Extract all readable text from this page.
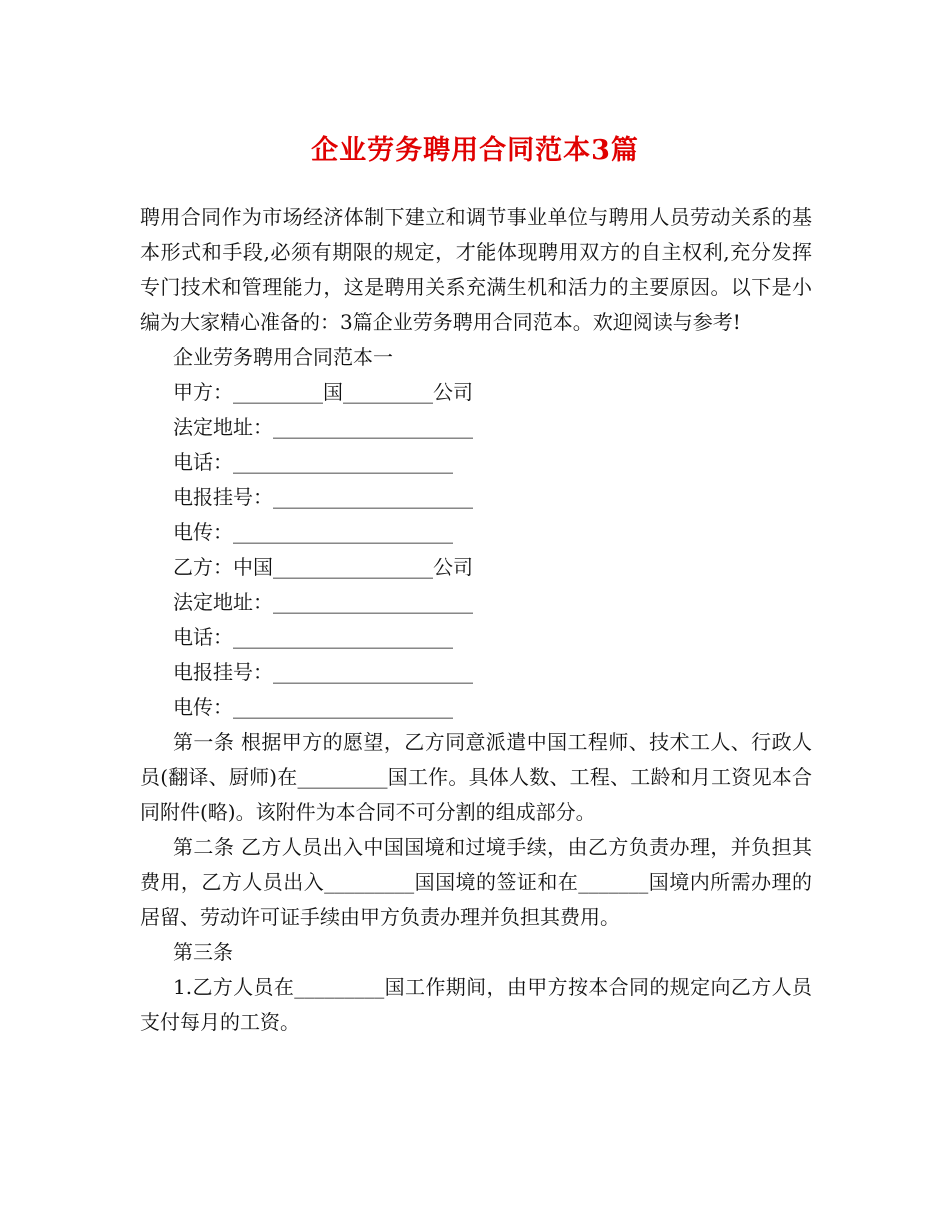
企业劳务聘用合同范本3篇

聘用合同作为市场经济体制下建立和调节事业单位与聘用人员劳动关系的基本形式和手段,必须有期限的规定，才能体现聘用双方的自主权利,充分发挥专门技术和管理能力，这是聘用关系充满生机和活力的主要原因。以下是小编为大家精心准备的：3篇企业劳务聘用合同范本。欢迎阅读与参考!

企业劳务聘用合同范本一

甲方：_________国_________公司

法定地址：____________________

电话：______________________

电报挂号：____________________

电传：______________________

乙方：中国________________公司

法定地址：____________________

电话：______________________

电报挂号：____________________

电传：______________________

第一条 根据甲方的愿望，乙方同意派遣中国工程师、技术工人、行政人员(翻译、厨师)在_________国工作。具体人数、工程、工龄和月工资见本合同附件(略)。该附件为本合同不可分割的组成部分。

第二条 乙方人员出入中国国境和过境手续，由乙方负责办理，并负担其费用，乙方人员出入_________国国境的签证和在_______国境内所需办理的居留、劳动许可证手续由甲方负责办理并负担其费用。

第三条

1.乙方人员在_________国工作期间，由甲方按本合同的规定向乙方人员支付每月的工资。
